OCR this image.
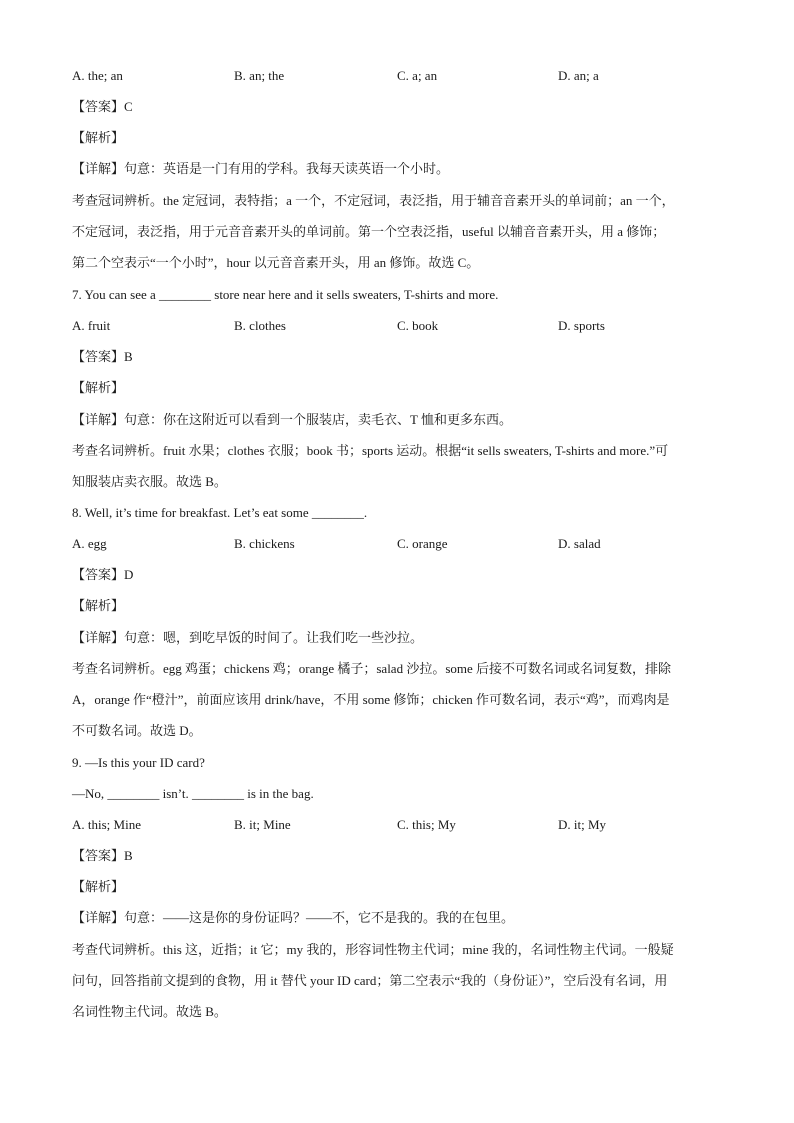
A. the; an	B. an; the	C. a; an	D. an; a
【答案】C
【解析】
【详解】句意：英语是一门有用的学科。我每天读英语一个小时。
考查冠词辨析。the 定冠词，表特指；a 一个，不定冠词，表泛指，用于辅音音素开头的单词前；an 一个，
不定冠词，表泛指，用于元音音素开头的单词前。第一个空表泛指，useful 以辅音音素开头，用 a 修饰；
第二个空表示“一个小时”，hour 以元音音素开头，用 an 修饰。故选 C。
7. You can see a ________ store near here and it sells sweaters, T-shirts and more.
A. fruit	B. clothes	C. book	D. sports
【答案】B
【解析】
【详解】句意：你在这附近可以看到一个服装店，卖毛衣、T 恤和更多东西。
考查名词辨析。fruit 水果；clothes 衣服；book 书；sports 运动。根据“it sells sweaters, T-shirts and more.”可
知服装店卖衣服。故选 B。
8. Well, it’s time for breakfast. Let’s eat some ________.
A. egg	B. chickens	C. orange	D. salad
【答案】D
【解析】
【详解】句意：嗯，到吃早饭的时间了。让我们吃一些沙拉。
考查名词辨析。egg 鸡蛋；chickens 鸡；orange 橘子；salad 沙拉。some 后接不可数名词或名词复数，排除
A，orange 作“橙汁”，前面应该用 drink/have，不用 some 修饰；chicken 作可数名词，表示“鸡”，而鸡肉是
不可数名词。故选 D。
9. —Is this your ID card?
—No, ________ isn’t. ________ is in the bag.
A. this; Mine	B. it; Mine	C. this; My	D. it; My
【答案】B
【解析】
【详解】句意：——这是你的身份证吗？——不，它不是我的。我的在包里。
考查代词辨析。this 这，近指；it 它；my 我的，形容词性物主代词；mine 我的，名词性物主代词。一般疑
问句，回答指前文提到的食物，用 it 替代 your ID card；第二空表示“我的（身份证）”，空后没有名词，用
名词性物主代词。故选 B。
